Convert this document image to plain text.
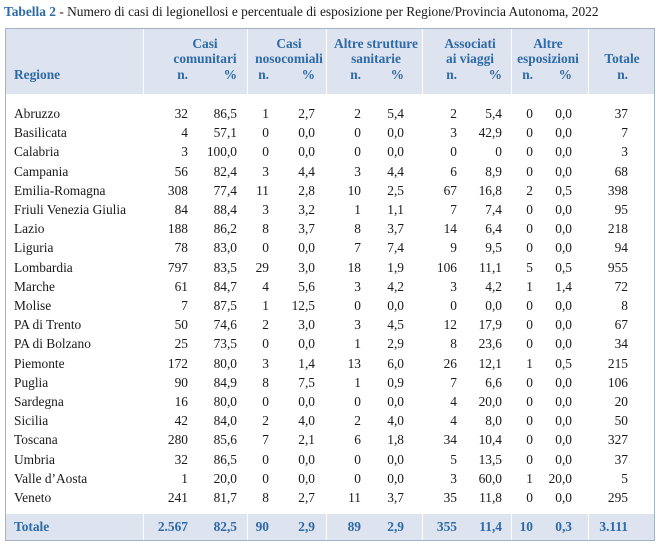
Tabella 2 - Numero di casi di legionellosi e percentuale di esposizione per Regione/Provincia Autonoma, 2022
Regione
Casi
comunitari
n.	%
Casi
nosocomiali
n.	%
Altre strutture
sanitarie
n.	%
Associati
ai viaggi
n.	%
Altre
esposizioni
n.	%
Totale
n.
Abruzzo	32	86,5	1	2,7	2	5,4	2	5,4	0	0,0	37
Basilicata	4	57,1	0	0,0	0	0,0	3	42,9	0	0,0	7
Calabria	3	100,0	0	0,0	0	0,0	0	0	0	0,0	3
Campania	56	82,4	3	4,4	3	4,4	6	8,9	0	0,0	68
Emilia-Romagna	308	77,4	11	2,8	10	2,5	67	16,8	2	0,5	398
Friuli Venezia Giulia	84	88,4	3	3,2	1	1,1	7	7,4	0	0,0	95
Lazio	188	86,2	8	3,7	8	3,7	14	6,4	0	0,0	218
Liguria	78	83,0	0	0,0	7	7,4	9	9,5	0	0,0	94
Lombardia	797	83,5	29	3,0	18	1,9	106	11,1	5	0,5	955
Marche	61	84,7	4	5,6	3	4,2	3	4,2	1	1,4	72
Molise	7	87,5	1	12,5	0	0,0	0	0,0	0	0,0	8
PA di Trento	50	74,6	2	3,0	3	4,5	12	17,9	0	0,0	67
PA di Bolzano	25	73,5	0	0,0	1	2,9	8	23,6	0	0,0	34
Piemonte	172	80,0	3	1,4	13	6,0	26	12,1	1	0,5	215
Puglia	90	84,9	8	7,5	1	0,9	7	6,6	0	0,0	106
Sardegna	16	80,0	0	0,0	0	0,0	4	20,0	0	0,0	20
Sicilia	42	84,0	2	4,0	2	4,0	4	8,0	0	0,0	50
Toscana	280	85,6	7	2,1	6	1,8	34	10,4	0	0,0	327
Umbria	32	86,5	0	0,0	0	0,0	5	13,5	0	0,0	37
Valle d’Aosta	1	20,0	0	0,0	0	0,0	3	60,0	1	20,0	5
Veneto	241	81,7	8	2,7	11	3,7	35	11,8	0	0,0	295
Totale	2.567	82,5	90	2,9	89	2,9	355	11,4	10	0,3	3.111
